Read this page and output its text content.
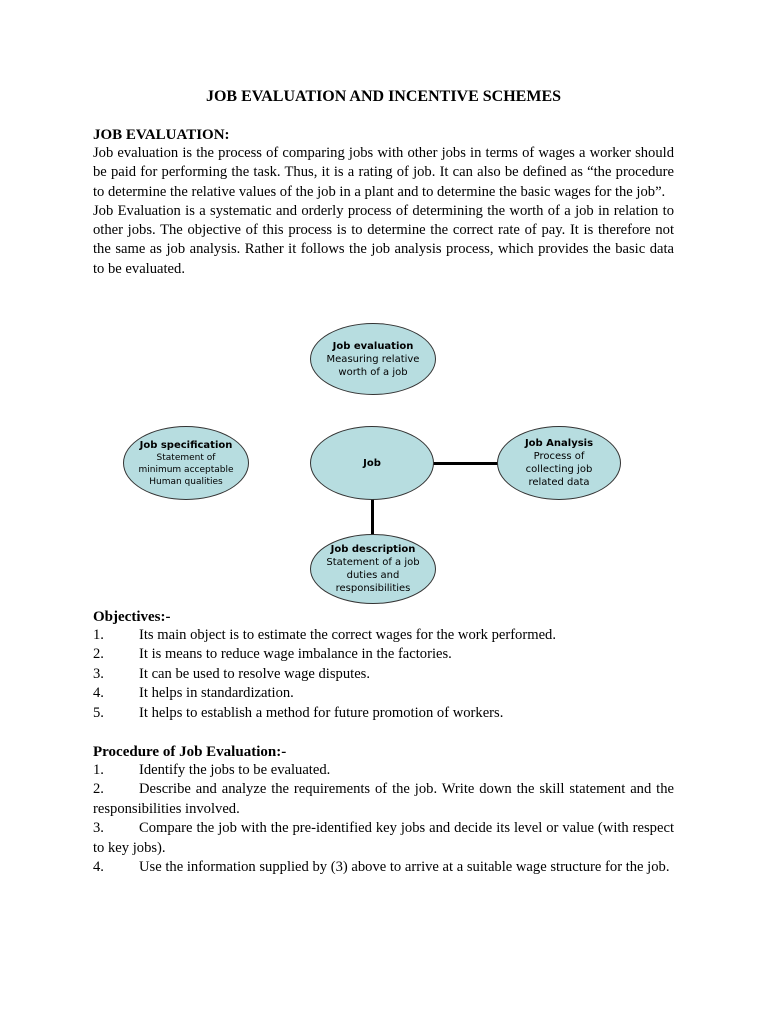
JOB EVALUATION AND INCENTIVE SCHEMES

JOB EVALUATION:

Job evaluation is the process of comparing jobs with other jobs in terms of wages a worker should be paid for performing the task. Thus, it is a rating of job. It can also be defined as “the procedure to determine the relative values of the job in a plant and to determine the basic wages for the job”.

Job Evaluation is a systematic and orderly process of determining the worth of a job in relation to other jobs. The objective of this process is to determine the correct rate of pay. It is therefore not the same as job analysis. Rather it follows the job analysis process, which provides the basic data to be evaluated.

Objectives:-

1. Its main object is to estimate the correct wages for the work performed.
2. It is means to reduce wage imbalance in the factories.
3. It can be used to resolve wage disputes.
4. It helps in standardization.
5. It helps to establish a method for future promotion of workers.

Procedure of Job Evaluation:-

1. Identify the jobs to be evaluated.
2. Describe and analyze the requirements of the job. Write down the skill statement and the responsibilities involved.
3. Compare the job with the pre-identified key jobs and decide its level or value (with respect to key jobs).
4. Use the information supplied by (3) above to arrive at a suitable wage structure for the job.
Job evaluation
Measuring relative worth of a job
Job specification
Statement of minimum acceptable Human qualities
Job
Job Analysis
Process of collecting job related data
Job description
Statement of a job duties and responsibilities
